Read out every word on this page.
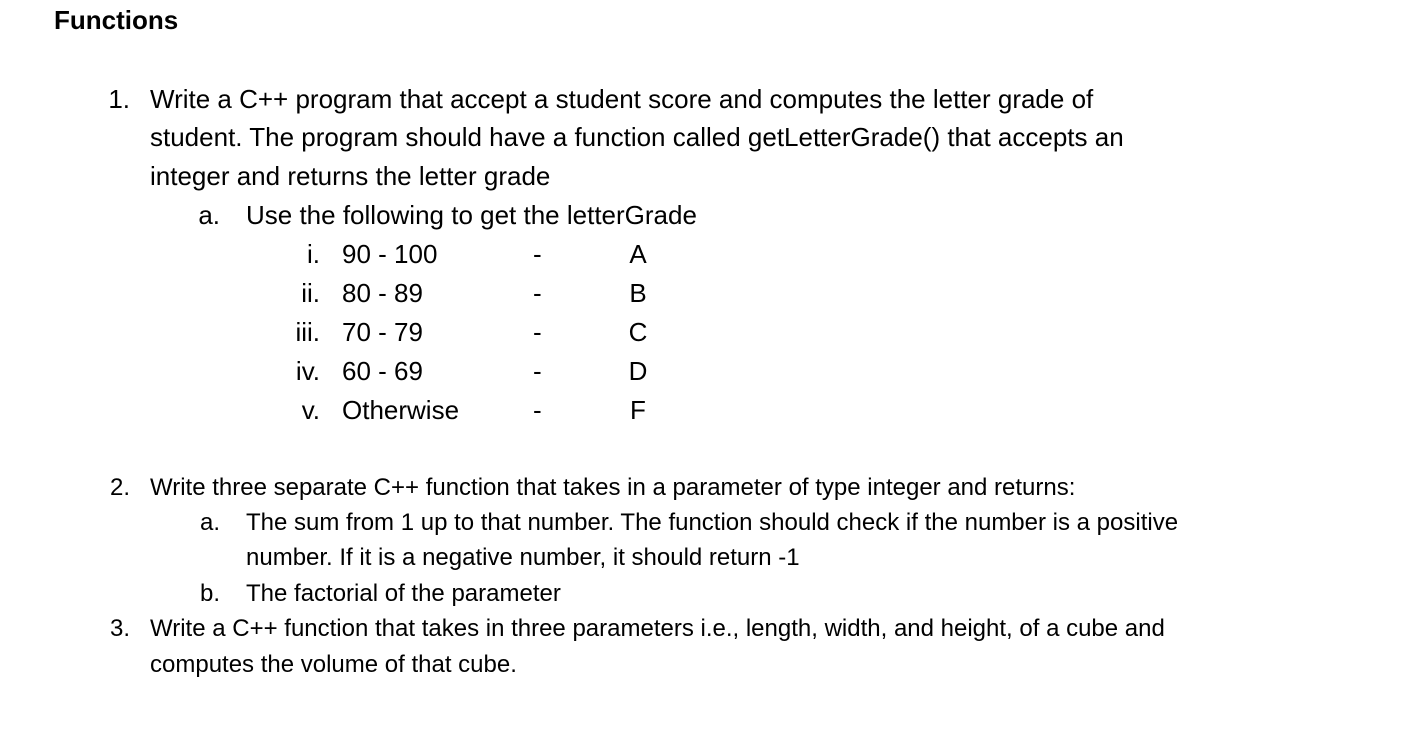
Functions
1. Write a C++ program that accept a student score and computes the letter grade of
student. The program should have a function called getLetterGrade() that accepts an
integer and returns the letter grade
a. Use the following to get the letterGrade
i. 90 - 100	-	A
ii. 80 - 89	-	B
iii. 70 - 79	-	C
iv. 60 - 69	-	D
v. Otherwise	-	F
2. Write three separate C++ function that takes in a parameter of type integer and returns:
a. The sum from 1 up to that number. The function should check if the number is a positive
number. If it is a negative number, it should return -1
b. The factorial of the parameter
3. Write a C++ function that takes in three parameters i.e., length, width, and height, of a cube and
computes the volume of that cube.
